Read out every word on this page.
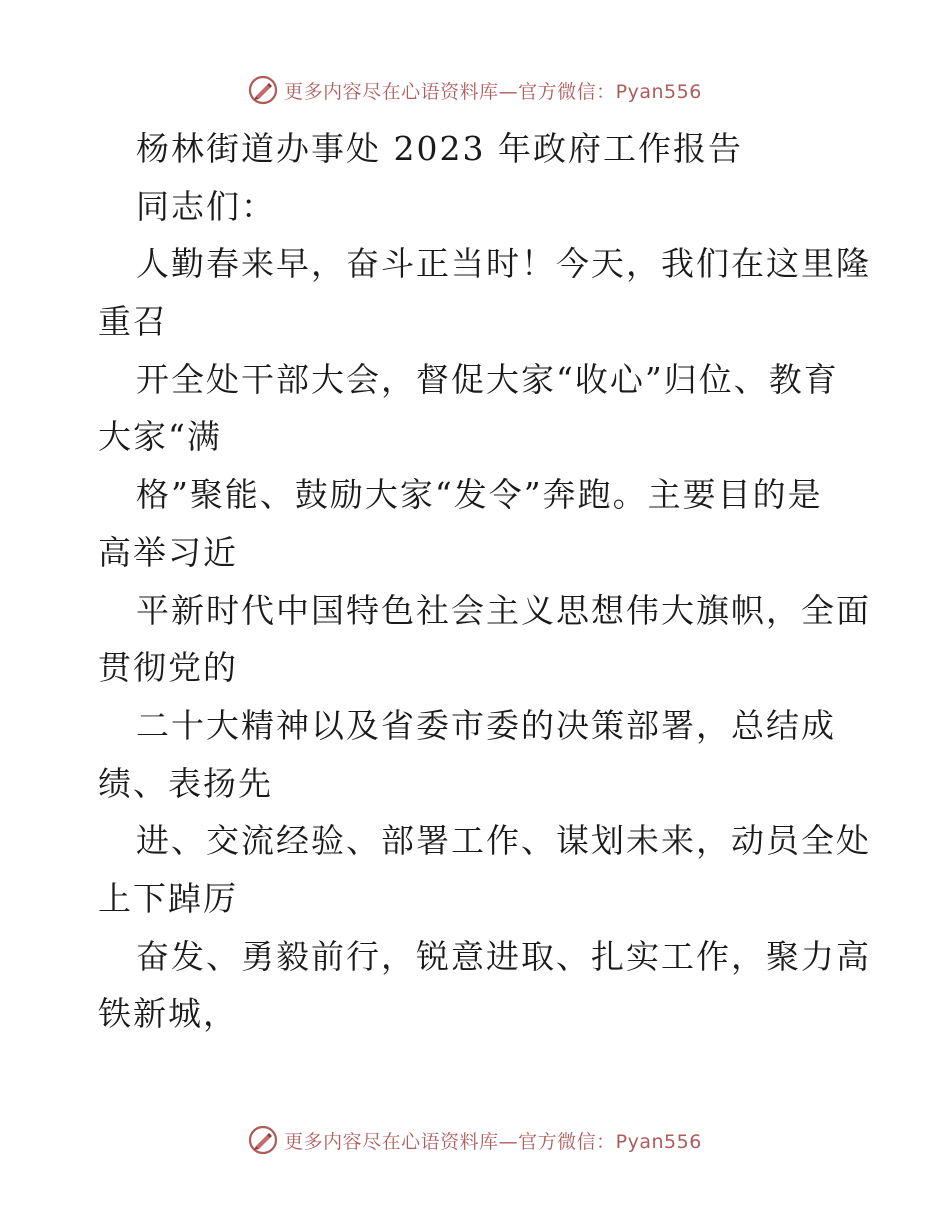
更多内容尽在心语资料库—官方微信：Pyan556
杨林街道办事处 2023 年政府工作报告
同志们：
人勤春来早，奋斗正当时！今天，我们在这里隆
重召
开全处干部大会，督促大家“收心”归位、教育
大家“满
格”聚能、鼓励大家“发令”奔跑。主要目的是
高举习近
平新时代中国特色社会主义思想伟大旗帜，全面
贯彻党的
二十大精神以及省委市委的决策部署，总结成
绩、表扬先
进、交流经验、部署工作、谋划未来，动员全处
上下踔厉
奋发、勇毅前行，锐意进取、扎实工作，聚力高
铁新城，
更多内容尽在心语资料库—官方微信：Pyan556
